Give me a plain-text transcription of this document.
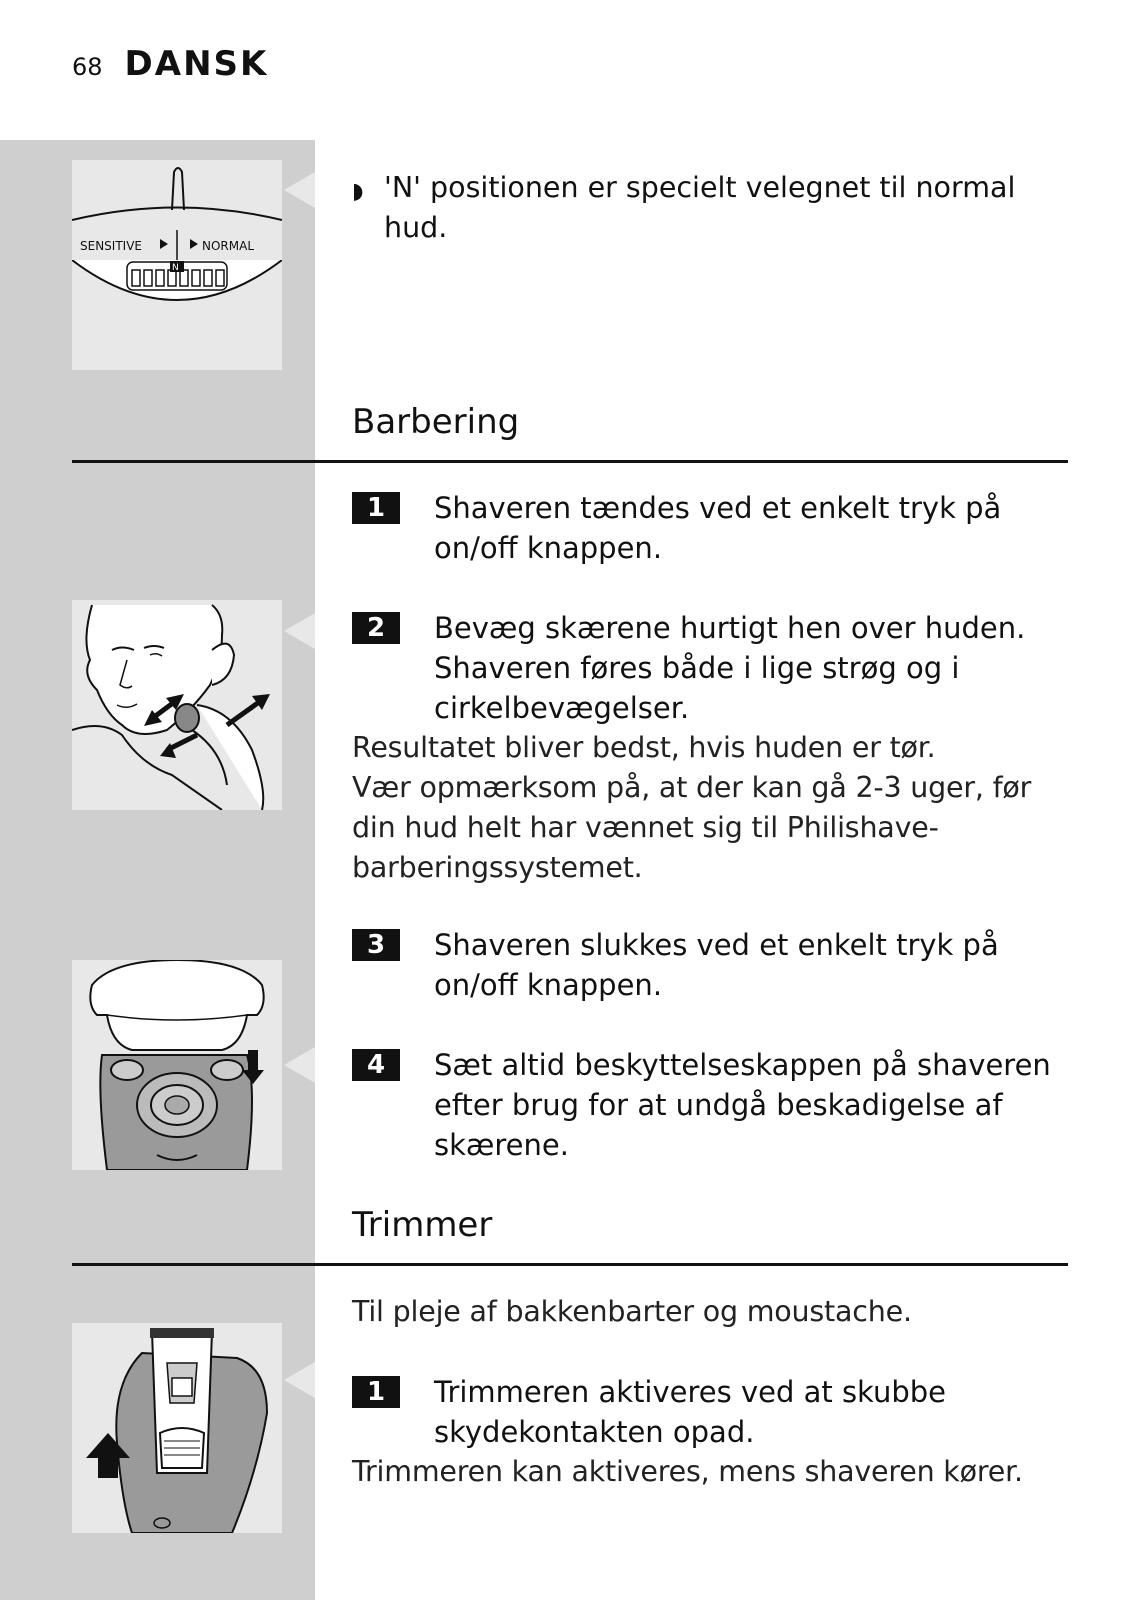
68 DANSK
SENSITIVE	NORMAL
N
◗ 'N' positionen er specielt velegnet til normal
hud.
Barbering
1	Shaveren tændes ved et enkelt tryk på
on/off knappen.
2	Bevæg skærene hurtigt hen over huden.
Shaveren føres både i lige strøg og i
cirkelbevægelser.
Resultatet bliver bedst, hvis huden er tør.
Vær opmærksom på, at der kan gå 2-3 uger, før
din hud helt har vænnet sig til Philishave-
barberingssystemet.
3	Shaveren slukkes ved et enkelt tryk på
on/off knappen.
4	Sæt altid beskyttelseskappen på shaveren
efter brug for at undgå beskadigelse af
skærene.
Trimmer
Til pleje af bakkenbarter og moustache.
1	Trimmeren aktiveres ved at skubbe
skydekontakten opad.
Trimmeren kan aktiveres, mens shaveren kører.
